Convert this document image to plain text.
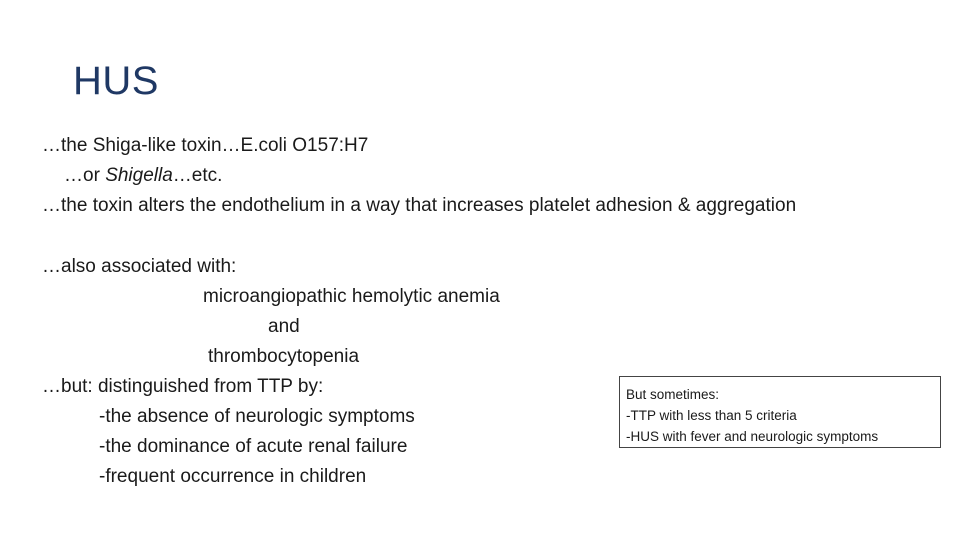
HUS
…the Shiga-like toxin…E.coli O157:H7
…or Shigella…etc.
…the toxin alters the endothelium in a way that increases platelet adhesion & aggregation
…also associated with:
microangiopathic hemolytic anemia
and
thrombocytopenia
…but: distinguished from TTP by:
-the absence of neurologic symptoms
-the dominance of acute renal failure
-frequent occurrence in children
But sometimes:
-TTP with less than 5 criteria
-HUS with fever and neurologic symptoms
